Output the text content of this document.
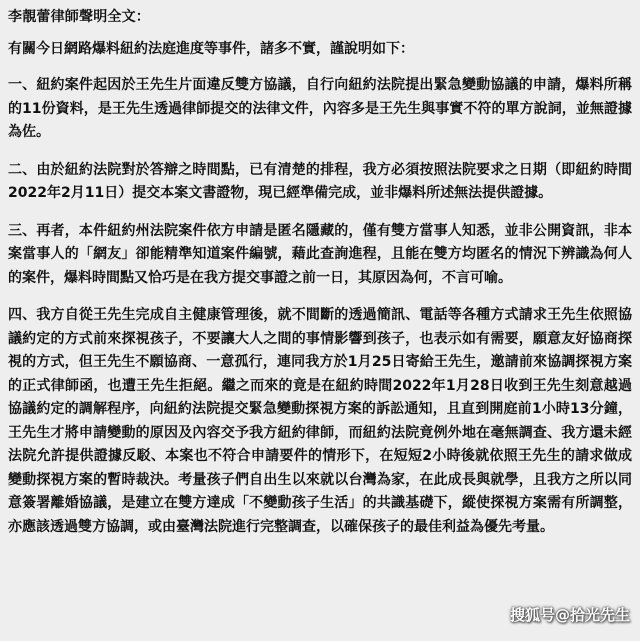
李靚蕾律師聲明全文：
有關今日網路爆料紐約法庭進度等事件，諸多不實，謹說明如下：
一、紐約案件起因於王先生片面違反雙方協議，自行向紐約法院提出緊急變動協議的申請，爆料所稱的11份資料，是王先生透過律師提交的法律文件，內容多是王先生與事實不符的單方說詞，並無證據為佐。
二、由於紐約法院對於答辯之時間點，已有清楚的排程，我方必須按照法院要求之日期（即紐約時間2022年2月11日）提交本案文書證物，現已經準備完成，並非爆料所述無法提供證據。
三、再者，本件紐約州法院案件依方申請是匿名隱藏的，僅有雙方當事人知悉，並非公開資訊，非本案當事人的「網友」卻能精準知道案件編號，藉此查詢進程，且能在雙方均匿名的情況下辨識為何人的案件，爆料時間點又恰巧是在我方提交事證之前一日，其原因為何，不言可喻。
四、我方自從王先生完成自主健康管理後，就不間斷的透過簡訊、電話等各種方式請求王先生依照協議約定的方式前來探視孩子，不要讓大人之間的事情影響到孩子，也表示如有需要，願意友好協商探視的方式，但王先生不願協商、一意孤行，連同我方於1月25日寄給王先生，邀請前來協調探視方案的正式律師函，也遭王先生拒絕。繼之而來的竟是在紐約時間2022年1月28日收到王先生刻意越過協議約定的調解程序，向紐約法院提交緊急變動探視方案的訴訟通知，且直到開庭前1小時13分鐘，王先生才將申請變動的原因及內容交予我方紐約律師，而紐約法院竟例外地在毫無調查、我方還未經法院允許提供證據反駁、本案也不符合申請要件的情形下，在短短2小時後就依照王先生的請求做成變動探視方案的暫時裁決。考量孩子們自出生以來就以台灣為家，在此成長與就學，且我方之所以同意簽署離婚協議，是建立在雙方達成「不變動孩子生活」的共識基礎下，縱使探視方案需有所調整，亦應該透過雙方協調，或由臺灣法院進行完整調查，以確保孩子的最佳利益為優先考量。
搜狐号@拾光先生
